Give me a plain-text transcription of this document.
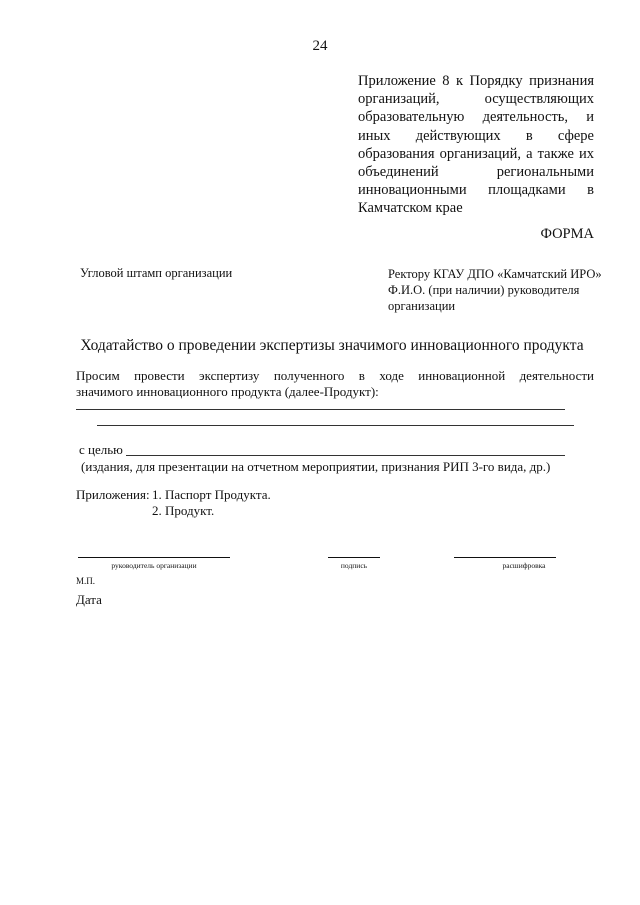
24
Приложение 8 к Порядку признания
организаций, осуществляющих
образовательную деятельность, и
иных действующих в сфере
образования организаций, а также их
объединений региональными
инновационными площадками в
Камчатском крае
ФОРМА
Угловой штамп организации	Ректору КГАУ ДПО «Камчатский ИРО»
Ф.И.О. (при наличии) руководителя
организации
Ходатайство о проведении экспертизы значимого инновационного продукта
Просим провести экспертизу полученного в ходе инновационной деятельности
значимого инновационного продукта (далее-Продукт):
с целью
(издания, для презентации на отчетном мероприятии, признания РИП 3-го вида, др.)
Приложения: 1. Паспорт Продукта.
2. Продукт.
руководитель организации	подпись	расшифровка
М.П.
Дата
